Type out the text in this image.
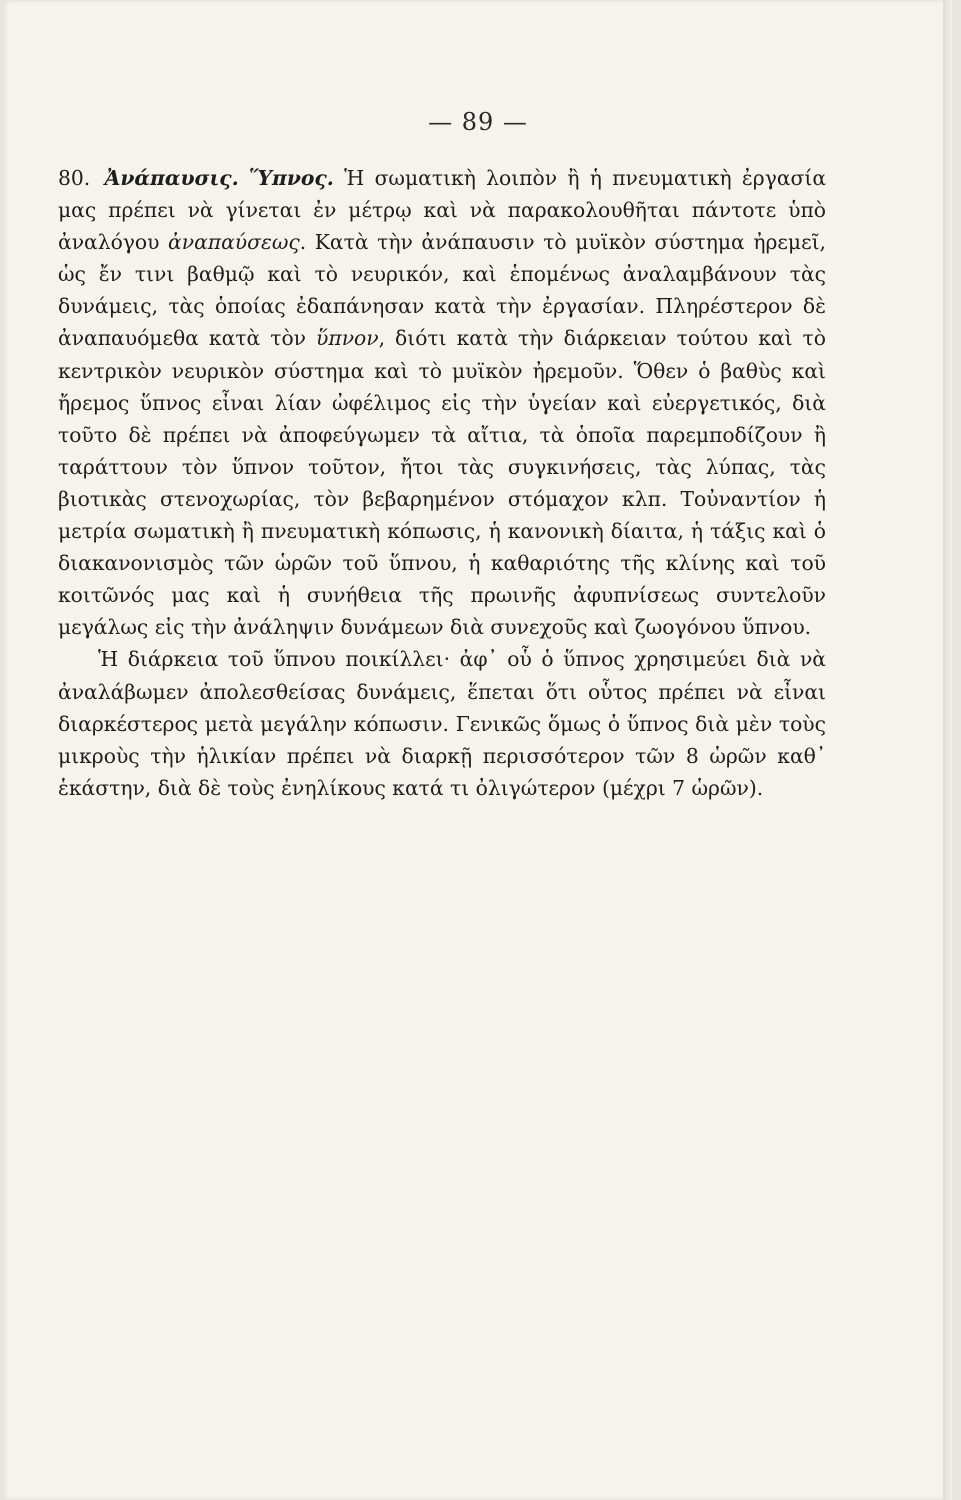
— 89 —

80. Ἀνάπαυσις. Ὕπνος. Ἡ σωματικὴ λοιπὸν ἢ ἡ πνευματικὴ ἐργασία μας πρέπει νὰ γίνεται ἐν μέτρῳ καὶ νὰ παρακολουθῆται πάντοτε ὑπὸ ἀναλόγου ἀναπαύσεως. Κατὰ τὴν ἀνάπαυσιν τὸ μυϊκὸν σύστημα ἠρεμεῖ, ὡς ἔν τινι βαθμῷ καὶ τὸ νευρικόν, καὶ ἑπομένως ἀναλαμβάνουν τὰς δυνάμεις, τὰς ὁποίας ἐδαπάνησαν κατὰ τὴν ἐργασίαν. Πληρέστερον δὲ ἀναπαυόμεθα κατὰ τὸν ὕπνον, διότι κατὰ τὴν διάρκειαν τούτου καὶ τὸ κεντρικὸν νευρικὸν σύστημα καὶ τὸ μυϊκὸν ἠρεμοῦν. Ὅθεν ὁ βαθὺς καὶ ἤρεμος ὕπνος εἶναι λίαν ὠφέλιμος εἰς τὴν ὑγείαν καὶ εὐεργετικός, διὰ τοῦτο δὲ πρέπει νὰ ἀποφεύγωμεν τὰ αἴτια, τὰ ὁποῖα παρεμποδίζουν ἢ ταράττουν τὸν ὕπνον τοῦτον, ἤτοι τὰς συγκινήσεις, τὰς λύπας, τὰς βιοτικὰς στενοχωρίας, τὸν βεβαρημένον στόμαχον κλπ. Τοὐναντίον ἡ μετρία σωματικὴ ἢ πνευματικὴ κόπωσις, ἡ κανονικὴ δίαιτα, ἡ τάξις καὶ ὁ διακανονισμὸς τῶν ὡρῶν τοῦ ὕπνου, ἡ καθαριότης τῆς κλίνης καὶ τοῦ κοιτῶνός μας καὶ ἡ συνήθεια τῆς πρωινῆς ἀφυπνίσεως συντελοῦν μεγάλως εἰς τὴν ἀνάληψιν δυνάμεων διὰ συνεχοῦς καὶ ζωογόνου ὕπνου.

Ἡ διάρκεια τοῦ ὕπνου ποικίλλει· ἀφ᾽ οὗ ὁ ὕπνος χρησιμεύει διὰ νὰ ἀναλάβωμεν ἀπολεσθείσας δυνάμεις, ἕπεται ὅτι οὗτος πρέπει νὰ εἶναι διαρκέστερος μετὰ μεγάλην κόπωσιν. Γενικῶς ὅμως ὁ ὕπνος διὰ μὲν τοὺς μικροὺς τὴν ἡλικίαν πρέπει νὰ διαρκῇ περισσότερον τῶν 8 ὡρῶν καθ᾽ ἑκάστην, διὰ δὲ τοὺς ἐνηλίκους κατά τι ὀλιγώτερον (μέχρι 7 ὡρῶν).
